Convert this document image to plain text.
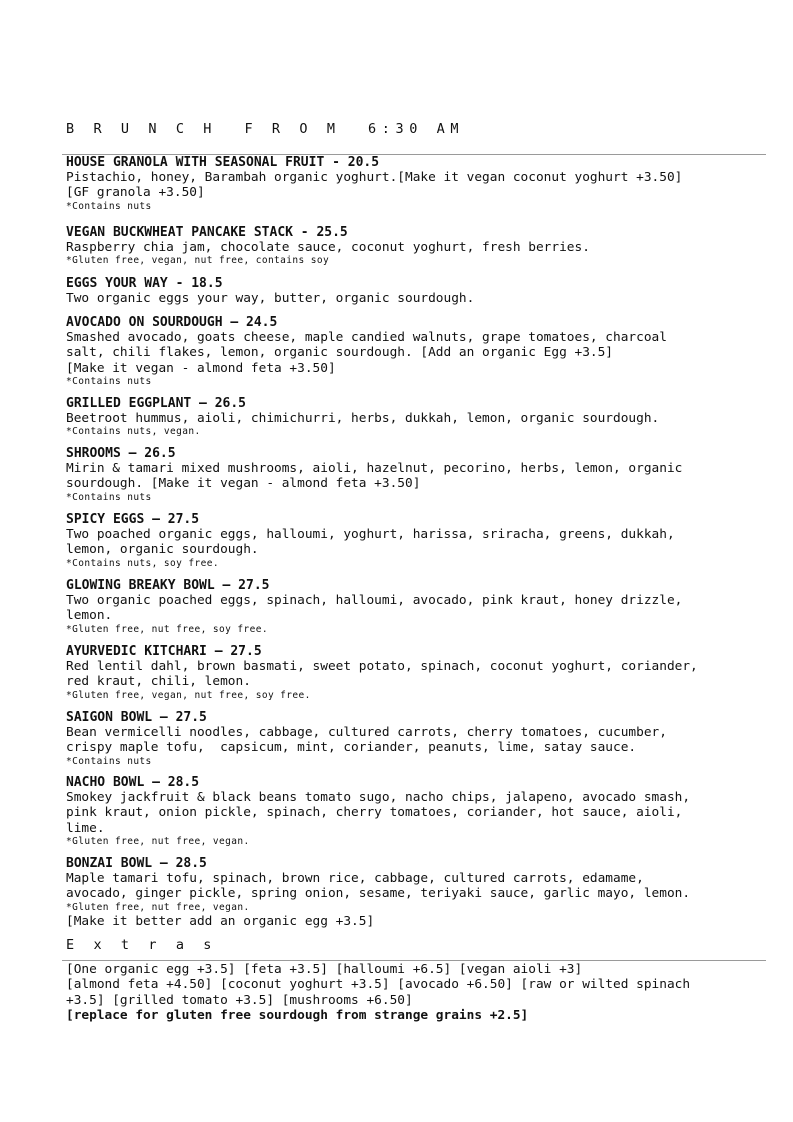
B R U N C H  F R O M  6:30 AM
HOUSE GRANOLA WITH SEASONAL FRUIT - 20.5
Pistachio, honey, Barambah organic yoghurt.[Make it vegan coconut yoghurt +3.50]
[GF granola +3.50]
*Contains nuts
VEGAN BUCKWHEAT PANCAKE STACK - 25.5
Raspberry chia jam, chocolate sauce, coconut yoghurt, fresh berries.
*Gluten free, vegan, nut free, contains soy
EGGS YOUR WAY - 18.5
Two organic eggs your way, butter, organic sourdough.
AVOCADO ON SOURDOUGH – 24.5
Smashed avocado, goats cheese, maple candied walnuts, grape tomatoes, charcoal
salt, chili flakes, lemon, organic sourdough. [Add an organic Egg +3.5]
[Make it vegan - almond feta +3.50]
*Contains nuts
GRILLED EGGPLANT – 26.5
Beetroot hummus, aioli, chimichurri, herbs, dukkah, lemon, organic sourdough.
*Contains nuts, vegan.
SHROOMS – 26.5
Mirin & tamari mixed mushrooms, aioli, hazelnut, pecorino, herbs, lemon, organic
sourdough. [Make it vegan - almond feta +3.50]
*Contains nuts
SPICY EGGS – 27.5
Two poached organic eggs, halloumi, yoghurt, harissa, sriracha, greens, dukkah,
lemon, organic sourdough.
*Contains nuts, soy free.
GLOWING BREAKY BOWL – 27.5
Two organic poached eggs, spinach, halloumi, avocado, pink kraut, honey drizzle,
lemon.
*Gluten free, nut free, soy free.
AYURVEDIC KITCHARI – 27.5
Red lentil dahl, brown basmati, sweet potato, spinach, coconut yoghurt, coriander,
red kraut, chili, lemon.
*Gluten free, vegan, nut free, soy free.
SAIGON BOWL – 27.5
Bean vermicelli noodles, cabbage, cultured carrots, cherry tomatoes, cucumber,
crispy maple tofu,  capsicum, mint, coriander, peanuts, lime, satay sauce.
*Contains nuts
NACHO BOWL – 28.5
Smokey jackfruit & black beans tomato sugo, nacho chips, jalapeno, avocado smash,
pink kraut, onion pickle, spinach, cherry tomatoes, coriander, hot sauce, aioli,
lime.
*Gluten free, nut free, vegan.
BONZAI BOWL – 28.5
Maple tamari tofu, spinach, brown rice, cabbage, cultured carrots, edamame,
avocado, ginger pickle, spring onion, sesame, teriyaki sauce, garlic mayo, lemon.
*Gluten free, nut free, vegan.
[Make it better add an organic egg +3.5]
E x t r a s
[One organic egg +3.5] [feta +3.5] [halloumi +6.5] [vegan aioli +3]
[almond feta +4.50] [coconut yoghurt +3.5] [avocado +6.50] [raw or wilted spinach
+3.5] [grilled tomato +3.5] [mushrooms +6.50]
[replace for gluten free sourdough from strange grains +2.5]
